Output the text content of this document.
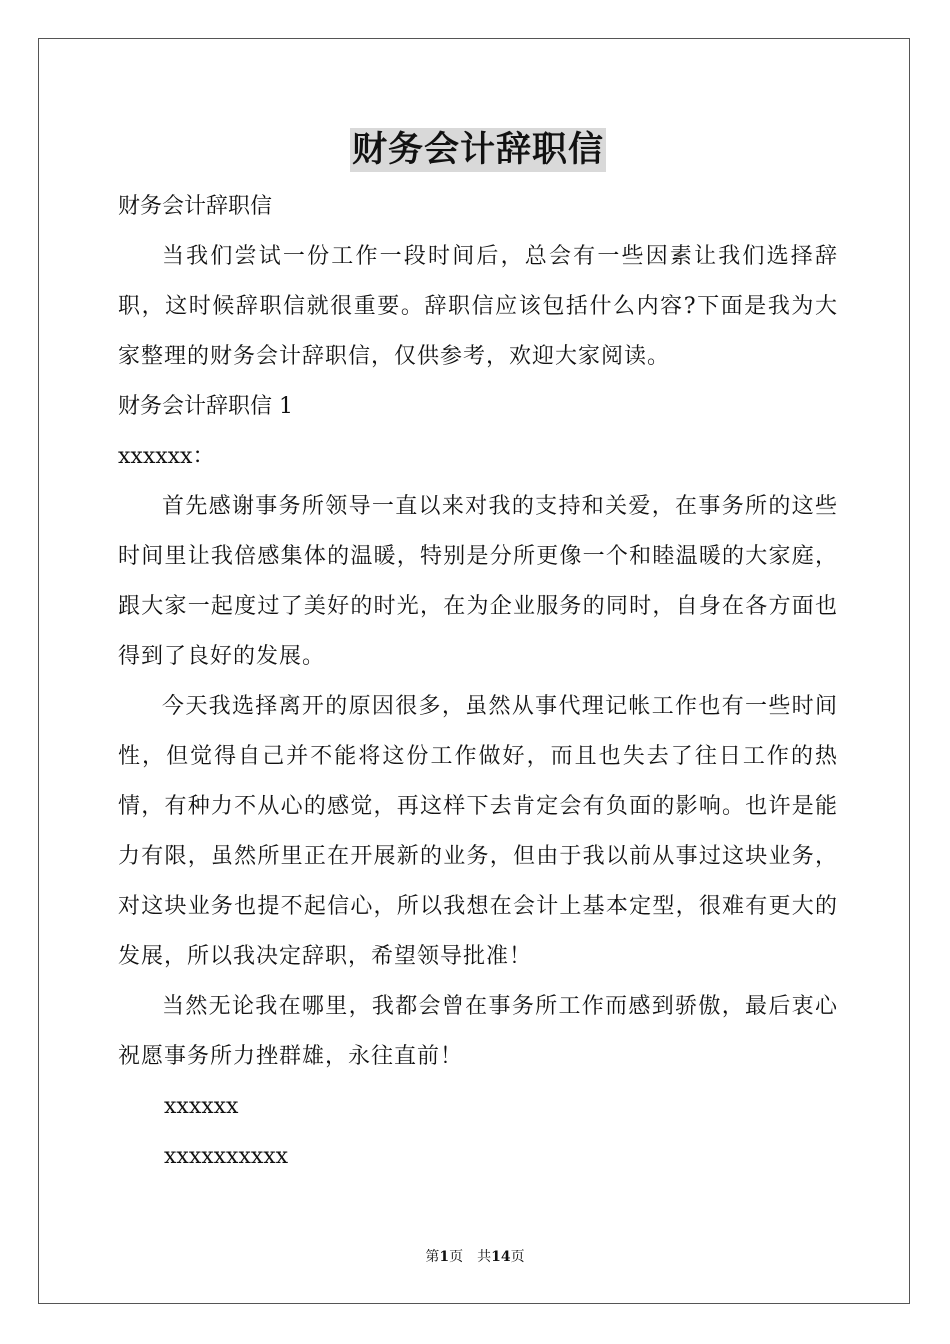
财务会计辞职信
财务会计辞职信

当我们尝试一份工作一段时间后，总会有一些因素让我们选择辞职，这时候辞职信就很重要。辞职信应该包括什么内容?下面是我为大家整理的财务会计辞职信，仅供参考，欢迎大家阅读。

财务会计辞职信 1
xxxxxx：

首先感谢事务所领导一直以来对我的支持和关爱，在事务所的这些时间里让我倍感集体的温暖，特别是分所更像一个和睦温暖的大家庭，跟大家一起度过了美好的时光，在为企业服务的同时，自身在各方面也得到了良好的发展。

今天我选择离开的原因很多，虽然从事代理记帐工作也有一些时间性，但觉得自己并不能将这份工作做好，而且也失去了往日工作的热情，有种力不从心的感觉，再这样下去肯定会有负面的影响。也许是能力有限，虽然所里正在开展新的业务，但由于我以前从事过这块业务，对这块业务也提不起信心，所以我想在会计上基本定型，很难有更大的发展，所以我决定辞职，希望领导批准！

当然无论我在哪里，我都会曾在事务所工作而感到骄傲，最后衷心祝愿事务所力挫群雄，永往直前！

xxxxxx
xxxxxxxxxx
第1页　共14页
